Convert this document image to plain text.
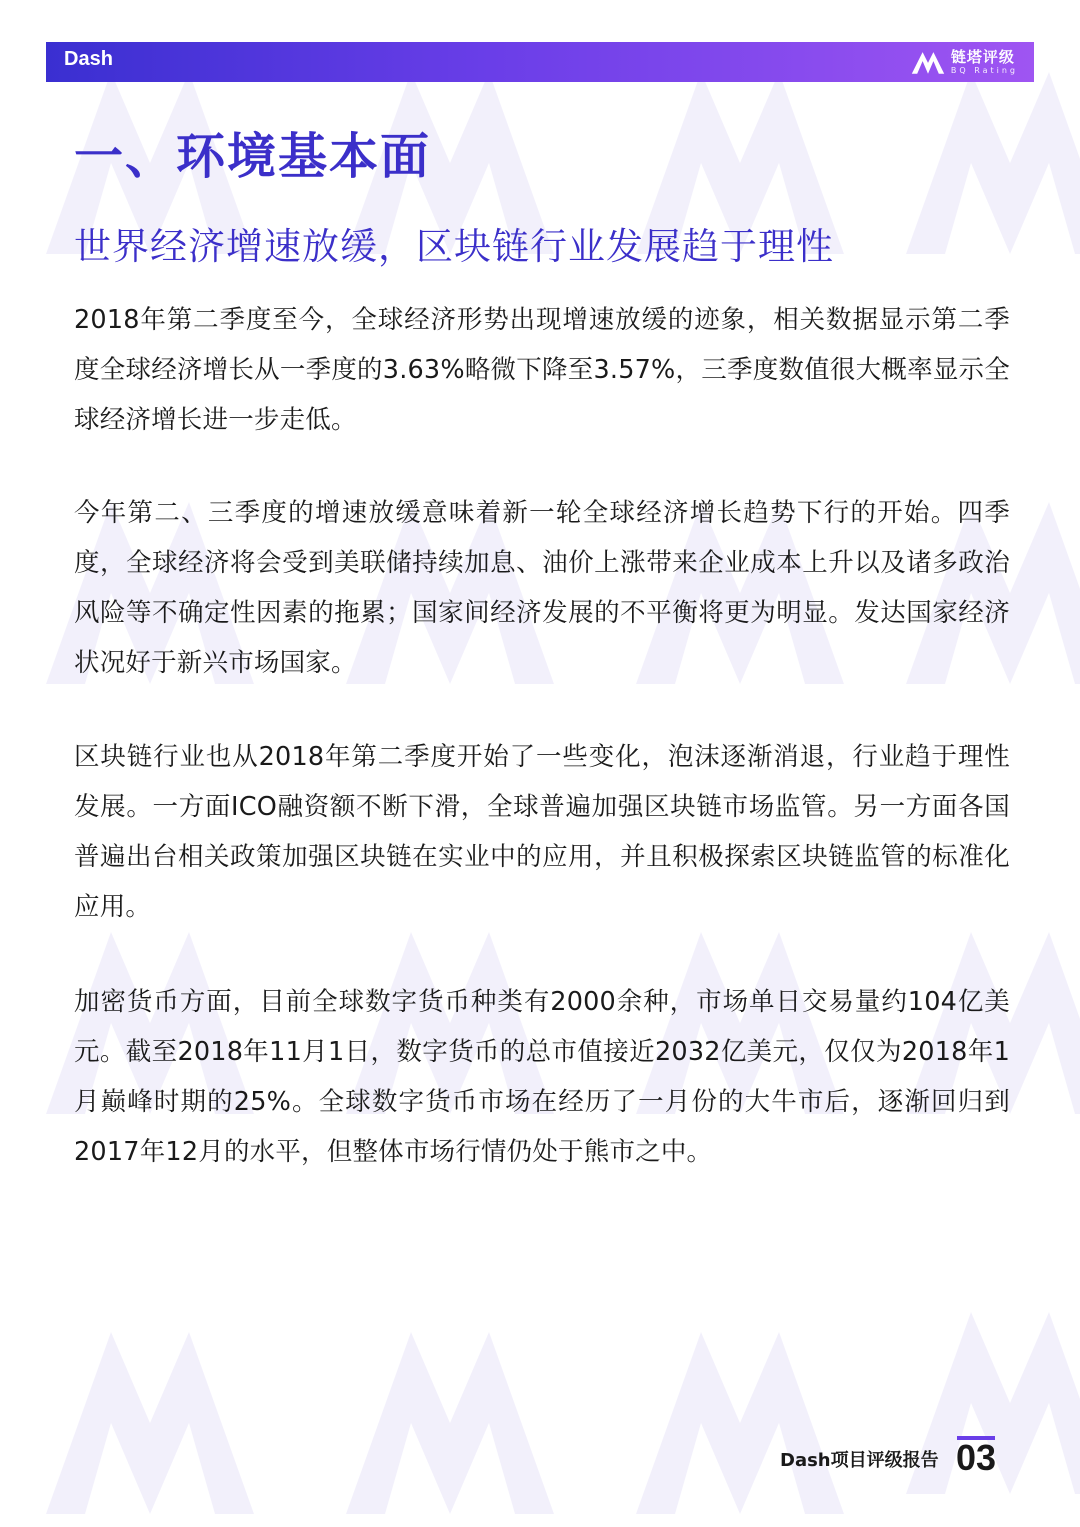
Dash	链塔评级
BQ Rating
一、环境基本面
世界经济增速放缓，区块链行业发展趋于理性

2018年第二季度至今，全球经济形势出现增速放缓的迹象，相关数据显示第二季度全球经济增长从一季度的3.63%略微下降至3.57%，三季度数值很大概率显示全球经济增长进一步走低。

今年第二、三季度的增速放缓意味着新一轮全球经济增长趋势下行的开始。四季度，全球经济将会受到美联储持续加息、油价上涨带来企业成本上升以及诸多政治风险等不确定性因素的拖累；国家间经济发展的不平衡将更为明显。发达国家经济状况好于新兴市场国家。

区块链行业也从2018年第二季度开始了一些变化，泡沫逐渐消退，行业趋于理性发展。一方面ICO融资额不断下滑，全球普遍加强区块链市场监管。另一方面各国普遍出台相关政策加强区块链在实业中的应用，并且积极探索区块链监管的标准化应用。

加密货币方面，目前全球数字货币种类有2000余种，市场单日交易量约104亿美元。截至2018年11月1日，数字货币的总市值接近2032亿美元，仅仅为2018年1月巅峰时期的25%。全球数字货币市场在经历了一月份的大牛市后，逐渐回归到2017年12月的水平，但整体市场行情仍处于熊市之中。

Dash项目评级报告 03
